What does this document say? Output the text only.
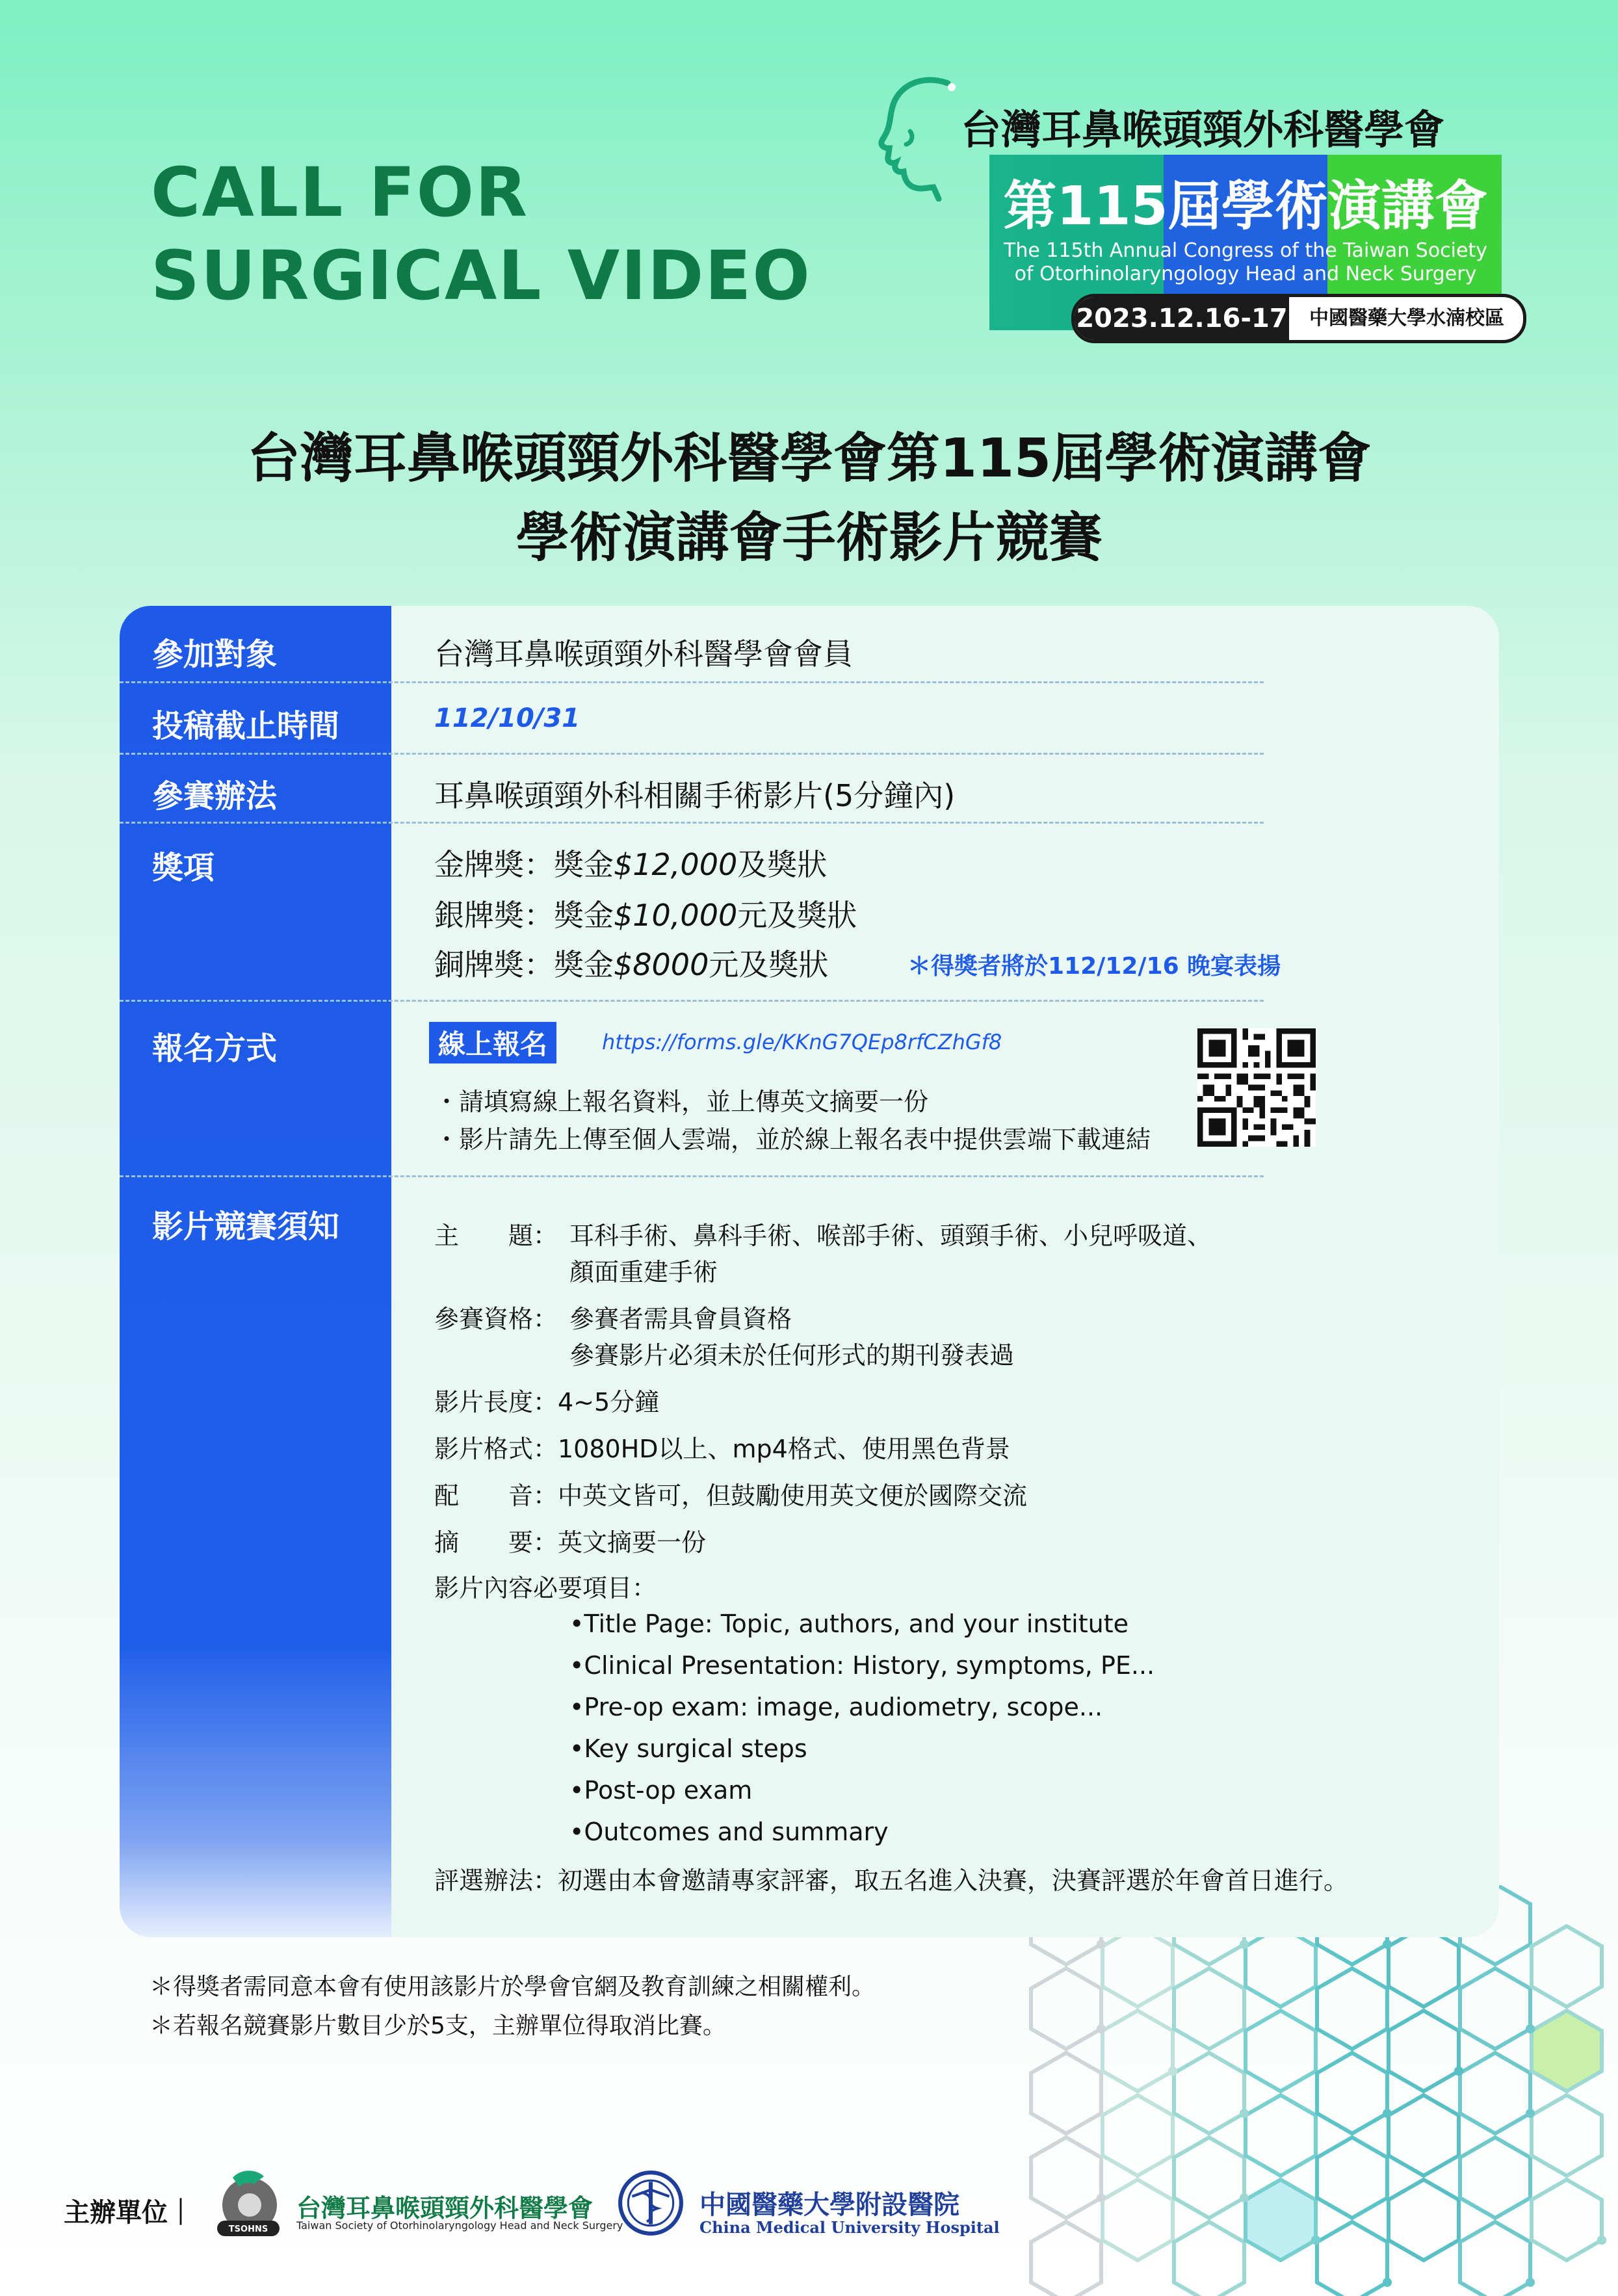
CALL FOR
SURGICAL VIDEO
台灣耳鼻喉頭頸外科醫學會
第115屆學術演講會
The 115th Annual Congress of the Taiwan Society
of Otorhinolaryngology Head and Neck Surgery
2023.12.16-17	中國醫藥大學水湳校區
台灣耳鼻喉頭頸外科醫學會第115屆學術演講會
學術演講會手術影片競賽
參加對象	台灣耳鼻喉頭頸外科醫學會會員
投稿截止時間	112/10/31
參賽辦法	耳鼻喉頭頸外科相關手術影片(5分鐘內)
獎項	金牌獎：獎金$12,000及獎狀
銀牌獎：獎金$10,000元及獎狀
銅牌獎：獎金$8000元及獎狀	＊得獎者將於112/12/16 晚宴表揚
報名方式	線上報名	https://forms.gle/KKnG7QEp8rfCZhGf8
・請填寫線上報名資料，並上傳英文摘要一份
・影片請先上傳至個人雲端，並於線上報名表中提供雲端下載連結
影片競賽須知	主　　題： 耳科手術、鼻科手術、喉部手術、頭頸手術、小兒呼吸道、
顏面重建手術
參賽資格： 參賽者需具會員資格
參賽影片必須未於任何形式的期刊發表過
影片長度：4~5分鐘
影片格式：1080HD以上、mp4格式、使用黑色背景
配　　音：中英文皆可，但鼓勵使用英文便於國際交流
摘　　要：英文摘要一份
影片內容必要項目：
•Title Page: Topic, authors, and your institute
•Clinical Presentation: History, symptoms, PE...
•Pre-op exam: image, audiometry, scope...
•Key surgical steps
•Post-op exam
•Outcomes and summary
評選辦法：初選由本會邀請專家評審，取五名進入決賽，決賽評選於年會首日進行。
＊得獎者需同意本會有使用該影片於學會官網及教育訓練之相關權利。
＊若報名競賽影片數目少於5支，主辦單位得取消比賽。
主辦單位｜
TSOHNS
台灣耳鼻喉頭頸外科醫學會
Taiwan Society of Otorhinolaryngology Head and Neck Surgery
中國醫藥大學附設醫院
China Medical University Hospital
